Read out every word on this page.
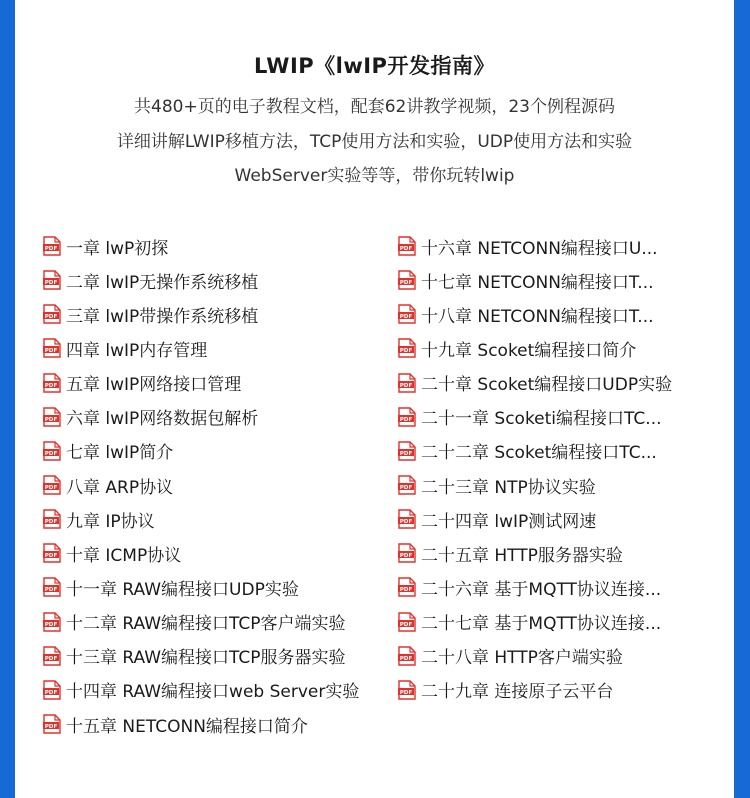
LWIP《lwIP开发指南》
共480+页的电子教程文档，配套62讲教学视频，23个例程源码
详细讲解LWIP移植方法，TCP使用方法和实验，UDP使用方法和实验
WebServer实验等等，带你玩转lwip
PDF 一章 lwP初探
PDF 二章 lwIP无操作系统移植
PDF 三章 lwIP带操作系统移植
PDF 四章 lwIP内存管理
PDF 五章 lwIP网络接口管理
PDF 六章 lwIP网络数据包解析
PDF 七章 lwIP简介
PDF 八章 ARP协议
PDF 九章 IP协议
PDF 十章 ICMP协议
PDF 十一章 RAW编程接口UDP实验
PDF 十二章 RAW编程接口TCP客户端实验
PDF 十三章 RAW编程接口TCP服务器实验
PDF 十四章 RAW编程接口web Server实验
PDF 十五章 NETCONN编程接口简介
PDF 十六章 NETCONN编程接口U...
PDF 十七章 NETCONN编程接口T...
PDF 十八章 NETCONN编程接口T...
PDF 十九章 Scoket编程接口简介
PDF 二十章 Scoket编程接口UDP实验
PDF 二十一章 Scoketi编程接口TC...
PDF 二十二章 Scoket编程接口TC...
PDF 二十三章 NTP协议实验
PDF 二十四章 lwIP测试网速
PDF 二十五章 HTTP服务器实验
PDF 二十六章 基于MQTT协议连接...
PDF 二十七章 基于MQTT协议连接...
PDF 二十八章 HTTP客户端实验
PDF 二十九章 连接原子云平台
